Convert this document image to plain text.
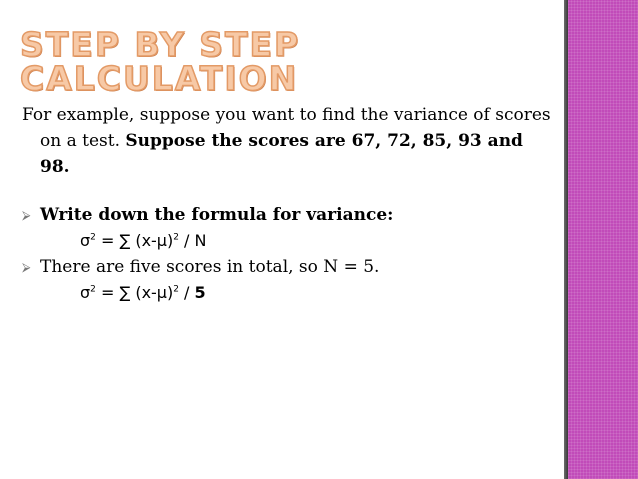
STEP BY STEP
CALCULATION

For example, suppose you want to find the variance of scores on a test. Suppose the scores are 67, 72, 85, 93 and 98.

⮚ Write down the formula for variance:

$\sigma^2$ = ∑ $(x-\mu)^2$ / N

⮚ There are five scores in total, so N = 5.

$\sigma^2$ = ∑ $(x-\mu)^2 / 5$
